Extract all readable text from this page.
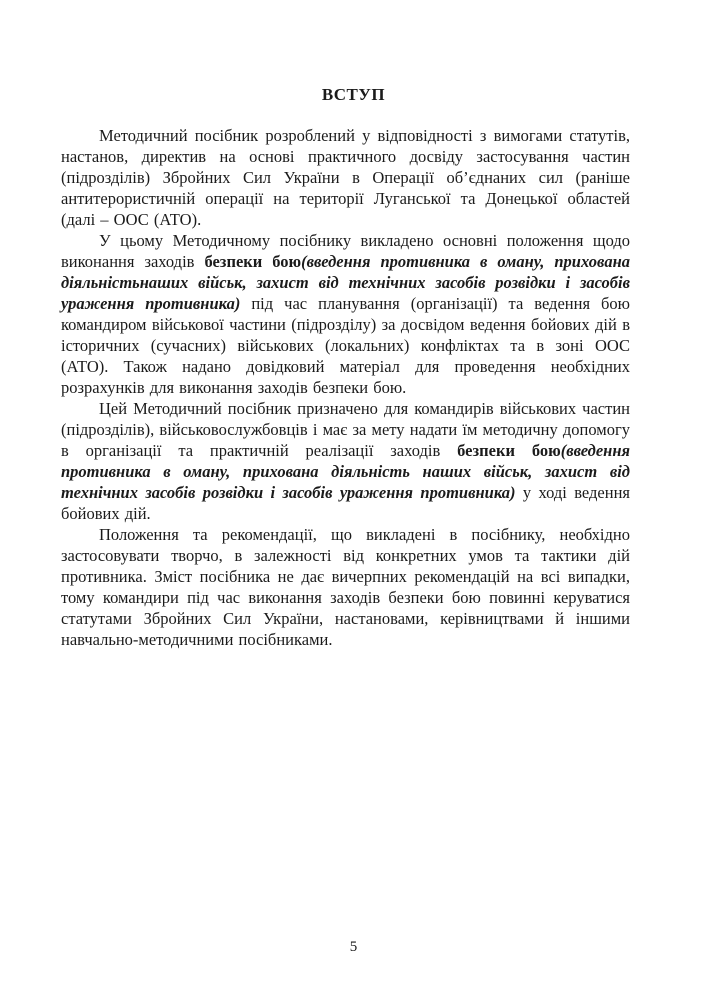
ВСТУП

Методичний посібник розроблений у відповідності з вимогами статутів, настанов, директив на основі практичного досвіду застосування частин (підрозділів) Збройних Сил України в Операції об’єднаних сил (раніше антитерористичній операції на території Луганської та Донецької областей (далі – ООС (АТО).

У цьому Методичному посібнику викладено основні положення щодо виконання заходів безпеки бою(введення противника в оману, прихована діяльністьнаших військ, захист від технічних засобів розвідки і засобів ураження противника) під час планування (організації) та ведення бою командиром військової частини (підрозділу) за досвідом ведення бойових дій в історичних (сучасних) військових (локальних) конфліктах та в зоні ООС (АТО). Також надано довідковий матеріал для проведення необхідних розрахунків для виконання заходів безпеки бою.

Цей Методичний посібник призначено для командирів військових частин (підрозділів), військовослужбовців і має за мету надати їм методичну допомогу в організації та практичній реалізації заходів безпеки бою(введення противника в оману, прихована діяльність наших військ, захист від технічних засобів розвідки і засобів ураження противника) у ході ведення бойових дій.

Положення та рекомендації, що викладені в посібнику, необхідно застосовувати творчо, в залежності від конкретних умов та тактики дій противника. Зміст посібника не дає вичерпних рекомендацій на всі випадки, тому командири під час виконання заходів безпеки бою повинні керуватися статутами Збройних Сил України, настановами, керівництвами й іншими навчально-методичними посібниками.

5
